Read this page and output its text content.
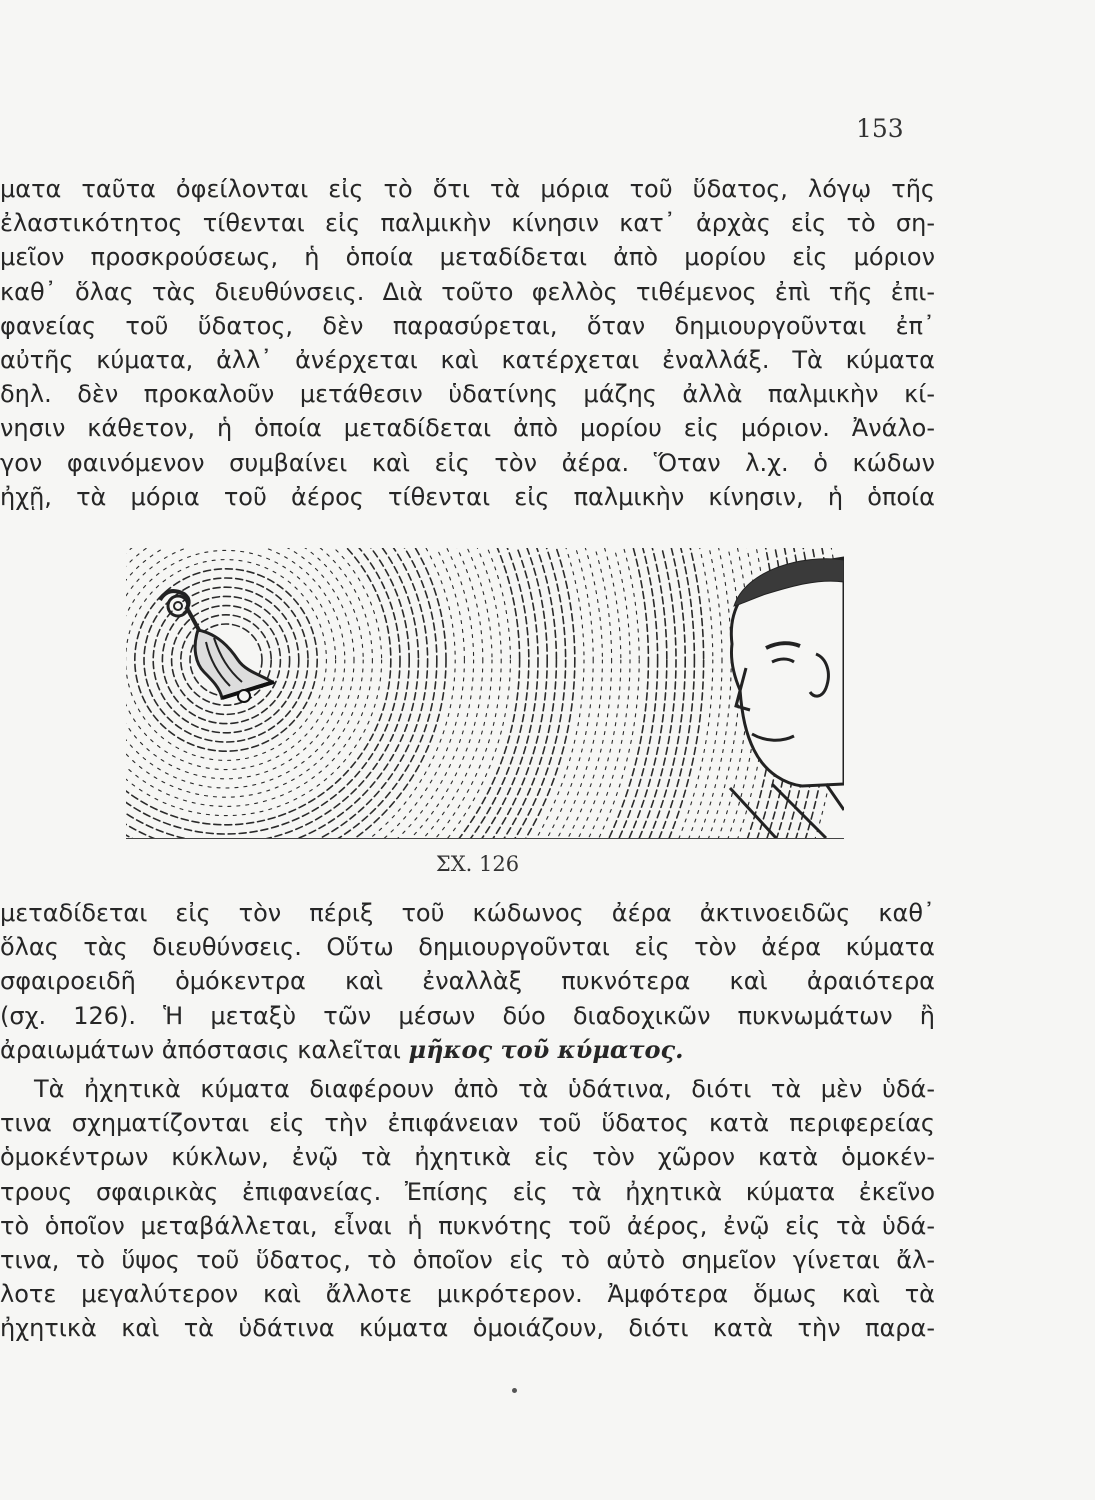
153
ματα ταῦτα ὀφείλονται εἰς τὸ ὅτι τὰ μόρια τοῦ ὕδατος, λόγῳ τῆς
ἐλαστικότητος τίθενται εἰς παλμικὴν κίνησιν κατ᾽ ἀρχὰς εἰς τὸ ση-
μεῖον προσκρούσεως, ἡ ὁποία μεταδίδεται ἀπὸ μορίου εἰς μόριον
καθ᾽ ὅλας τὰς διευθύνσεις. Διὰ τοῦτο φελλὸς τιθέμενος ἐπὶ τῆς ἐπι-
φανείας τοῦ ὕδατος, δὲν παρασύρεται, ὅταν δημιουργοῦνται ἐπ᾽
αὐτῆς κύματα, ἀλλ᾽ ἀνέρχεται καὶ κατέρχεται ἐναλλάξ. Τὰ κύματα
δηλ. δὲν προκαλοῦν μετάθεσιν ὑδατίνης μάζης ἀλλὰ παλμικὴν κί-
νησιν κάθετον, ἡ ὁποία μεταδίδεται ἀπὸ μορίου εἰς μόριον. Ἀνάλο-
γον φαινόμενον συμβαίνει καὶ εἰς τὸν ἀέρα. Ὅταν λ.χ. ὁ κώδων
ἠχῇ, τὰ μόρια τοῦ ἀέρος τίθενται εἰς παλμικὴν κίνησιν, ἡ ὁποία
ΣΧ. 126
μεταδίδεται εἰς τὸν πέριξ τοῦ κώδωνος ἀέρα ἀκτινοειδῶς καθ᾽
ὅλας τὰς διευθύνσεις. Οὕτω δημιουργοῦνται εἰς τὸν ἀέρα κύματα
σφαιροειδῆ ὁμόκεντρα καὶ ἐναλλὰξ πυκνότερα καὶ ἀραιότερα
(σχ. 126). Ἡ μεταξὺ τῶν μέσων δύο διαδοχικῶν πυκνωμάτων ἢ
ἀραιωμάτων ἀπόστασις καλεῖται μῆκος τοῦ κύματος.
Τὰ ἠχητικὰ κύματα διαφέρουν ἀπὸ τὰ ὑδάτινα, διότι τὰ μὲν ὑδά-
τινα σχηματίζονται εἰς τὴν ἐπιφάνειαν τοῦ ὕδατος κατὰ περιφερείας
ὁμοκέντρων κύκλων, ἐνῷ τὰ ἠχητικὰ εἰς τὸν χῶρον κατὰ ὁμοκέν-
τρους σφαιρικὰς ἐπιφανείας. Ἐπίσης εἰς τὰ ἠχητικὰ κύματα ἐκεῖνο
τὸ ὁποῖον μεταβάλλεται, εἶναι ἡ πυκνότης τοῦ ἀέρος, ἐνῷ εἰς τὰ ὑδά-
τινα, τὸ ὕψος τοῦ ὕδατος, τὸ ὁποῖον εἰς τὸ αὐτὸ σημεῖον γίνεται ἄλ-
λοτε μεγαλύτερον καὶ ἄλλοτε μικρότερον. Ἀμφότερα ὅμως καὶ τὰ
ἠχητικὰ καὶ τὰ ὑδάτινα κύματα ὁμοιάζουν, διότι κατὰ τὴν παρα-
